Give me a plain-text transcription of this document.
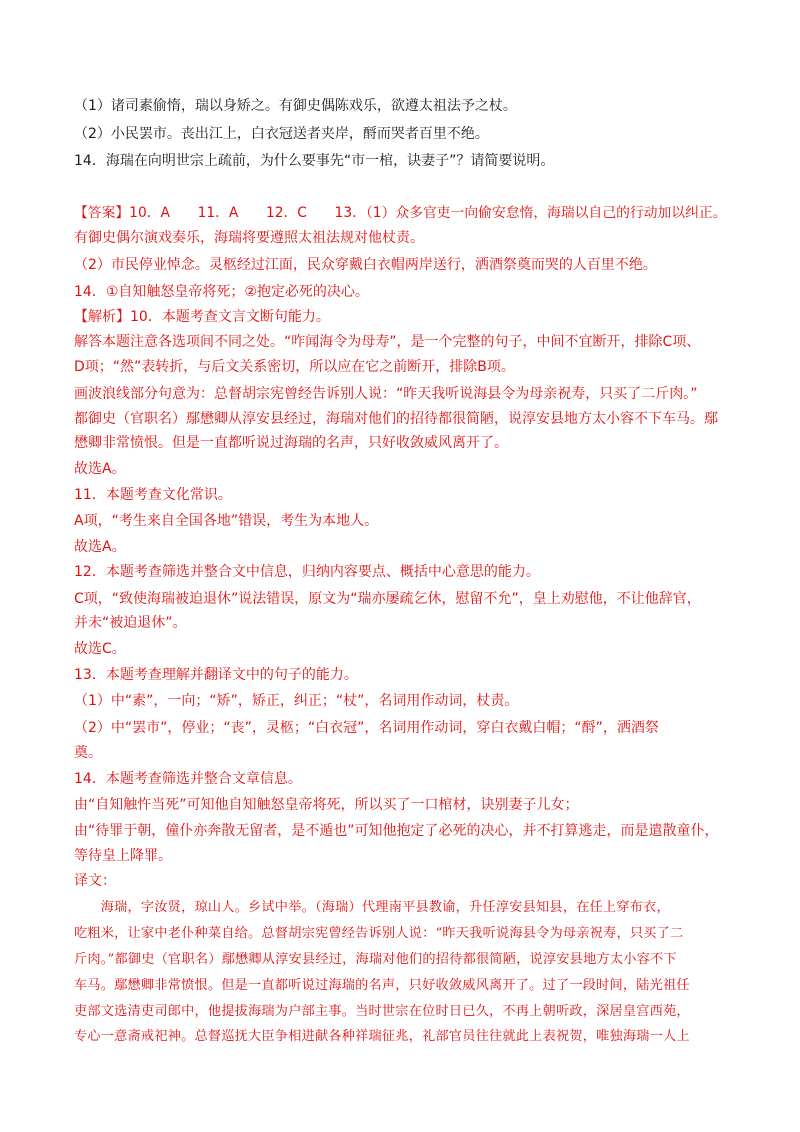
（1）诸司素偷惰，瑞以身矫之。有御史偶陈戏乐，欲遵太祖法予之杖。
（2）小民罢市。丧出江上，白衣冠送者夹岸，酹而哭者百里不绝。
14．海瑞在向明世宗上疏前，为什么要事先“市一棺，诀妻子”？请简要说明。
【答案】10．A　　11．A　　12．C　　13．（1）众多官吏一向偷安怠惰，海瑞以自己的行动加以纠正。
有御史偶尔演戏奏乐，海瑞将要遵照太祖法规对他杖责。
（2）市民停业悼念。灵柩经过江面，民众穿戴白衣帽两岸送行，洒酒祭奠而哭的人百里不绝。
14．①自知触怒皇帝将死；②抱定必死的决心。
【解析】10．本题考查文言文断句能力。
解答本题注意各选项间不同之处。“咋闻海令为母寿”，是一个完整的句子，中间不宜断开，排除C项、
D项；“然”表转折，与后文关系密切，所以应在它之前断开，排除B项。
画波浪线部分句意为：总督胡宗宪曾经告诉别人说：“昨天我听说海县令为母亲祝寿，只买了二斤肉。”
都御史（官职名）鄢懋卿从淳安县经过，海瑞对他们的招待都很简陋，说淳安县地方太小容不下车马。鄢
懋卿非常愤恨。但是一直都听说过海瑞的名声，只好收敛威风离开了。
故选A。
11．本题考查文化常识。
A项，“考生来自全国各地”错误，考生为本地人。
故选A。
12．本题考查筛选并整合文中信息，归纳内容要点、概括中心意思的能力。
C项，“致使海瑞被迫退休”说法错误，原文为“瑞亦屡疏乞休，慰留不允”，皇上劝慰他，不让他辞官，
并未“被迫退休”。
故选C。
13．本题考查理解并翻译文中的句子的能力。
（1）中“素”，一向；“矫”，矫正，纠正；“杖”，名词用作动词，杖责。
（2）中“罢市”，停业；“丧”，灵柩；“白衣冠”，名词用作动词，穿白衣戴白帽；“酹”，洒酒祭
奠。
14．本题考查筛选并整合文章信息。
由“自知触忤当死”可知他自知触怒皇帝将死，所以买了一口棺材，诀别妻子儿女；
由“待罪于朝，僮仆亦奔散无留者，是不遁也”可知他抱定了必死的决心，并不打算逃走，而是遣散童仆，
等待皇上降罪。
译文：
　　海瑞，字汝贤，琼山人。乡试中举。（海瑞）代理南平县教谕，升任淳安县知县，在任上穿布衣，
吃粗米，让家中老仆种菜自给。总督胡宗宪曾经告诉别人说：“昨天我听说海县令为母亲祝寿，只买了二
斤肉。”都御史（官职名）鄢懋卿从淳安县经过，海瑞对他们的招待都很简陋，说淳安县地方太小容不下
车马。鄢懋卿非常愤恨。但是一直都听说过海瑞的名声，只好收敛威风离开了。过了一段时间，陆光祖任
吏部文选清吏司郎中，他提拔海瑞为户部主事。当时世宗在位时日已久，不再上朝听政，深居皇宫西苑，
专心一意斋戒祀神。总督巡抚大臣争相进献各种祥瑞征兆，礼部官员往往就此上表祝贺，唯独海瑞一人上
